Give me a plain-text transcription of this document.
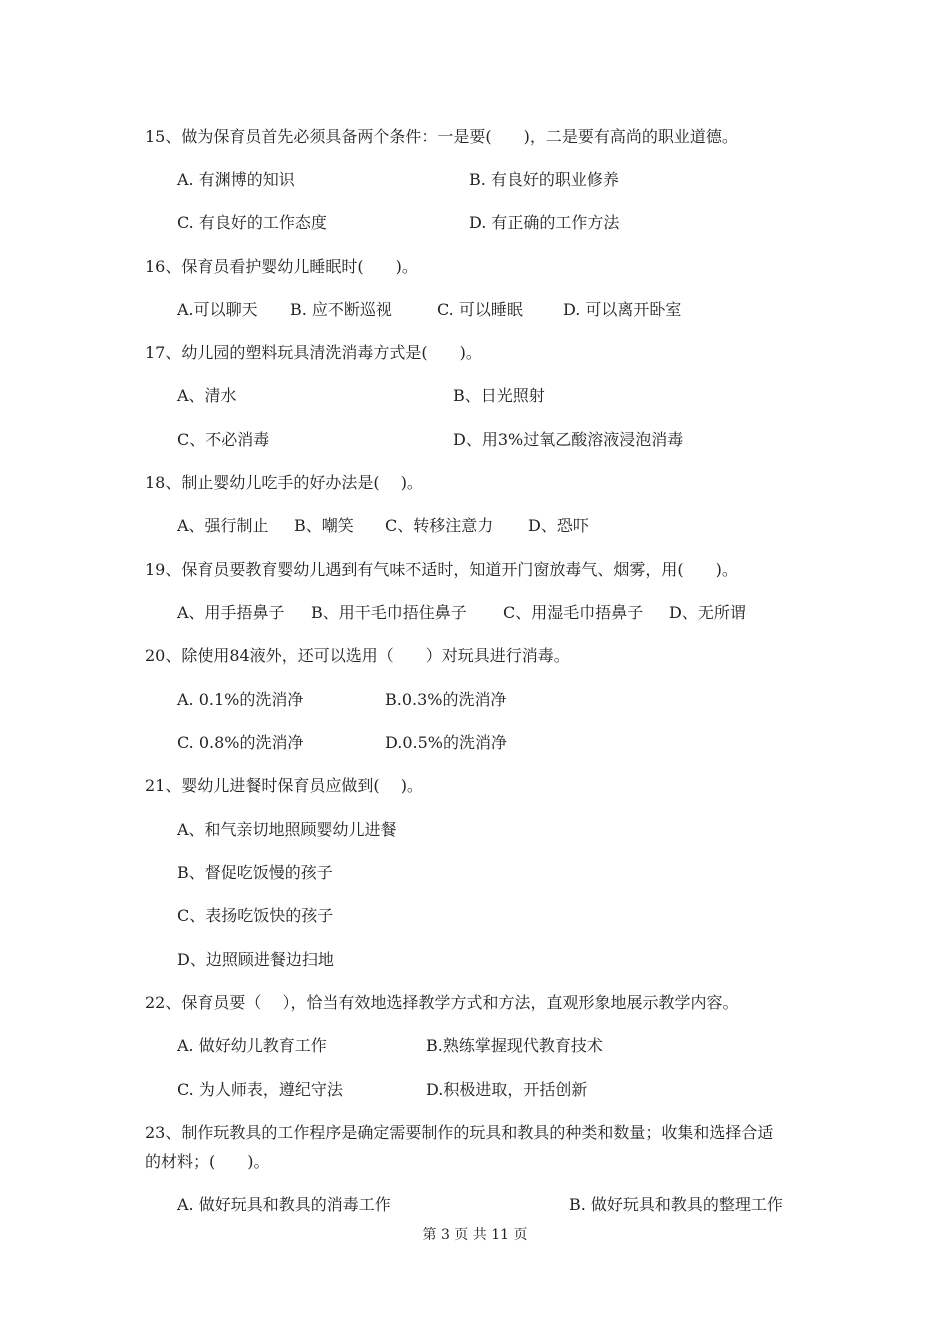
15、做为保育员首先必须具备两个条件：一是要(　　)，二是要有高尚的职业道德。
A. 有渊博的知识	B. 有良好的职业修养
C. 有良好的工作态度	D. 有正确的工作方法
16、保育员看护婴幼儿睡眠时(　　)。
A.可以聊天 B. 应不断巡视	C. 可以睡眠	D. 可以离开卧室
17、幼儿园的塑料玩具清洗消毒方式是(　　)。
A、清水	B、日光照射
C、不必消毒	D、用3%过氧乙酸溶液浸泡消毒
18、制止婴幼儿吃手的好办法是(　 )。
A、强行制止 B、嘲笑 C、转移注意力 D、恐吓
19、保育员要教育婴幼儿遇到有气味不适时，知道开门窗放毒气、烟雾，用(　　)。
A、用手捂鼻子 B、用干毛巾捂住鼻子 C、用湿毛巾捂鼻子 D、无所谓
20、除使用84液外，还可以选用（　　）对玩具进行消毒。
A. 0.1%的洗消净	B.0.3%的洗消净
C. 0.8%的洗消净	D.0.5%的洗消净
21、婴幼儿进餐时保育员应做到(　 )。
A、和气亲切地照顾婴幼儿进餐
B、督促吃饭慢的孩子
C、表扬吃饭快的孩子
D、边照顾进餐边扫地
22、保育员要（　 ），恰当有效地选择教学方式和方法，直观形象地展示教学内容。
A. 做好幼儿教育工作	B.熟练掌握现代教育技术
C. 为人师表，遵纪守法	D.积极进取，开括创新
23、制作玩教具的工作程序是确定需要制作的玩具和教具的种类和数量；收集和选择合适
的材料；(　　)。
A. 做好玩具和教具的消毒工作	B. 做好玩具和教具的整理工作
第 3 页 共 11 页
